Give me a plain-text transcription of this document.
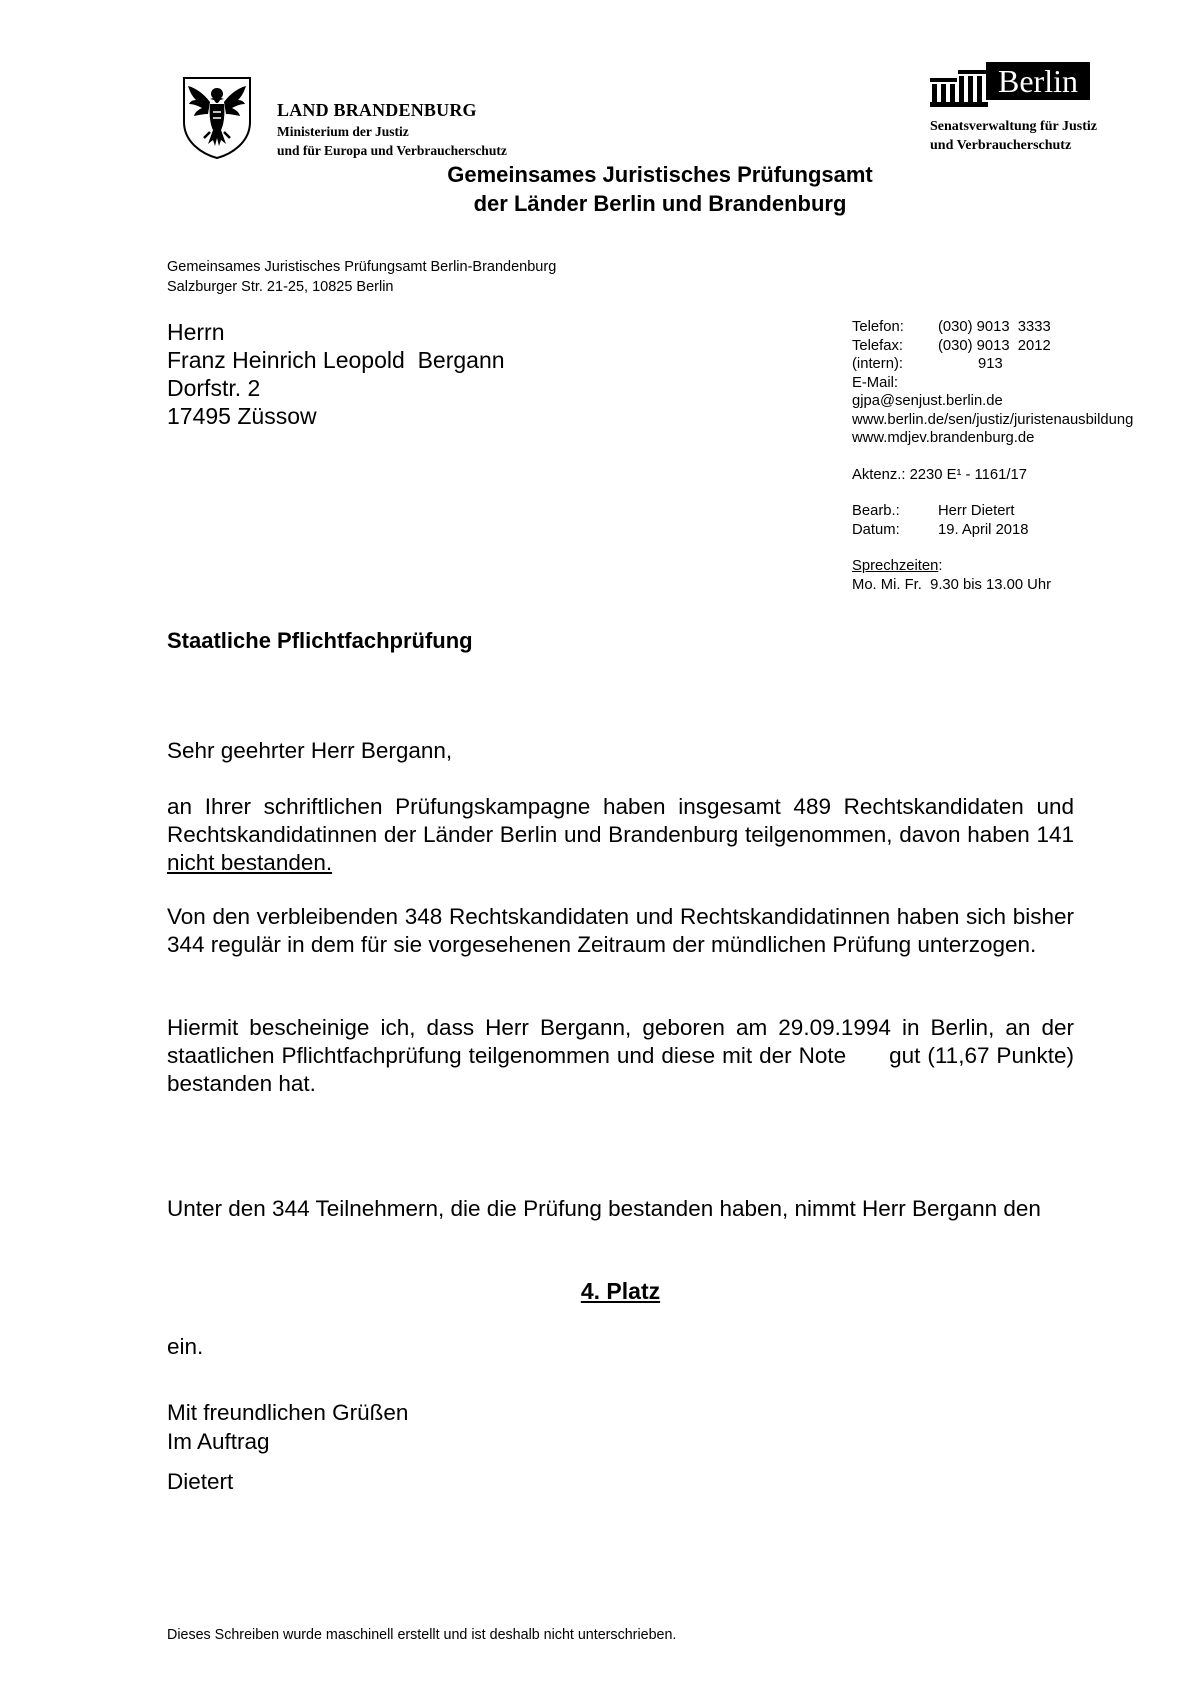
LAND BRANDENBURG
Ministerium der Justiz
und für Europa und Verbraucherschutz
Berlin
Senatsverwaltung für Justiz
und Verbraucherschutz
Gemeinsames Juristisches Prüfungsamt
der Länder Berlin und Brandenburg
Gemeinsames Juristisches Prüfungsamt Berlin-Brandenburg
Salzburger Str. 21-25, 10825 Berlin
Herrn
Franz Heinrich Leopold  Bergann
Dorfstr. 2
17495 Züssow
Telefon:	(030) 9013  3333
Telefax:	(030) 9013  2012
(intern):	913
E-Mail:
gjpa@senjust.berlin.de
www.berlin.de/sen/justiz/juristenausbildung
www.mdjev.brandenburg.de
Aktenz.: 2230 E¹ - 1161/17
Bearb.:	Herr Dietert
Datum:	19. April 2018
Sprechzeiten:
Mo. Mi. Fr.  9.30 bis 13.00 Uhr
Staatliche Pflichtfachprüfung
Sehr geehrter Herr Bergann,
an Ihrer schriftlichen Prüfungskampagne haben insgesamt 489 Rechtskandidaten und Rechtskandidatinnen der Länder Berlin und Brandenburg teilgenommen, davon haben 141 nicht bestanden.
Von den verbleibenden 348 Rechtskandidaten und Rechtskandidatinnen haben sich bisher 344 regulär in dem für sie vorgesehenen Zeitraum der mündlichen Prüfung unterzogen.
Hiermit bescheinige ich, dass Herr Bergann, geboren am 29.09.1994 in Berlin, an der staatlichen Pflichtfachprüfung teilgenommen und diese mit der Note gut (11,67 Punkte) bestanden hat.
Unter den 344 Teilnehmern, die die Prüfung bestanden haben, nimmt Herr Bergann den
4. Platz
ein.
Mit freundlichen Grüßen
Im Auftrag
Dietert
Dieses Schreiben wurde maschinell erstellt und ist deshalb nicht unterschrieben.
